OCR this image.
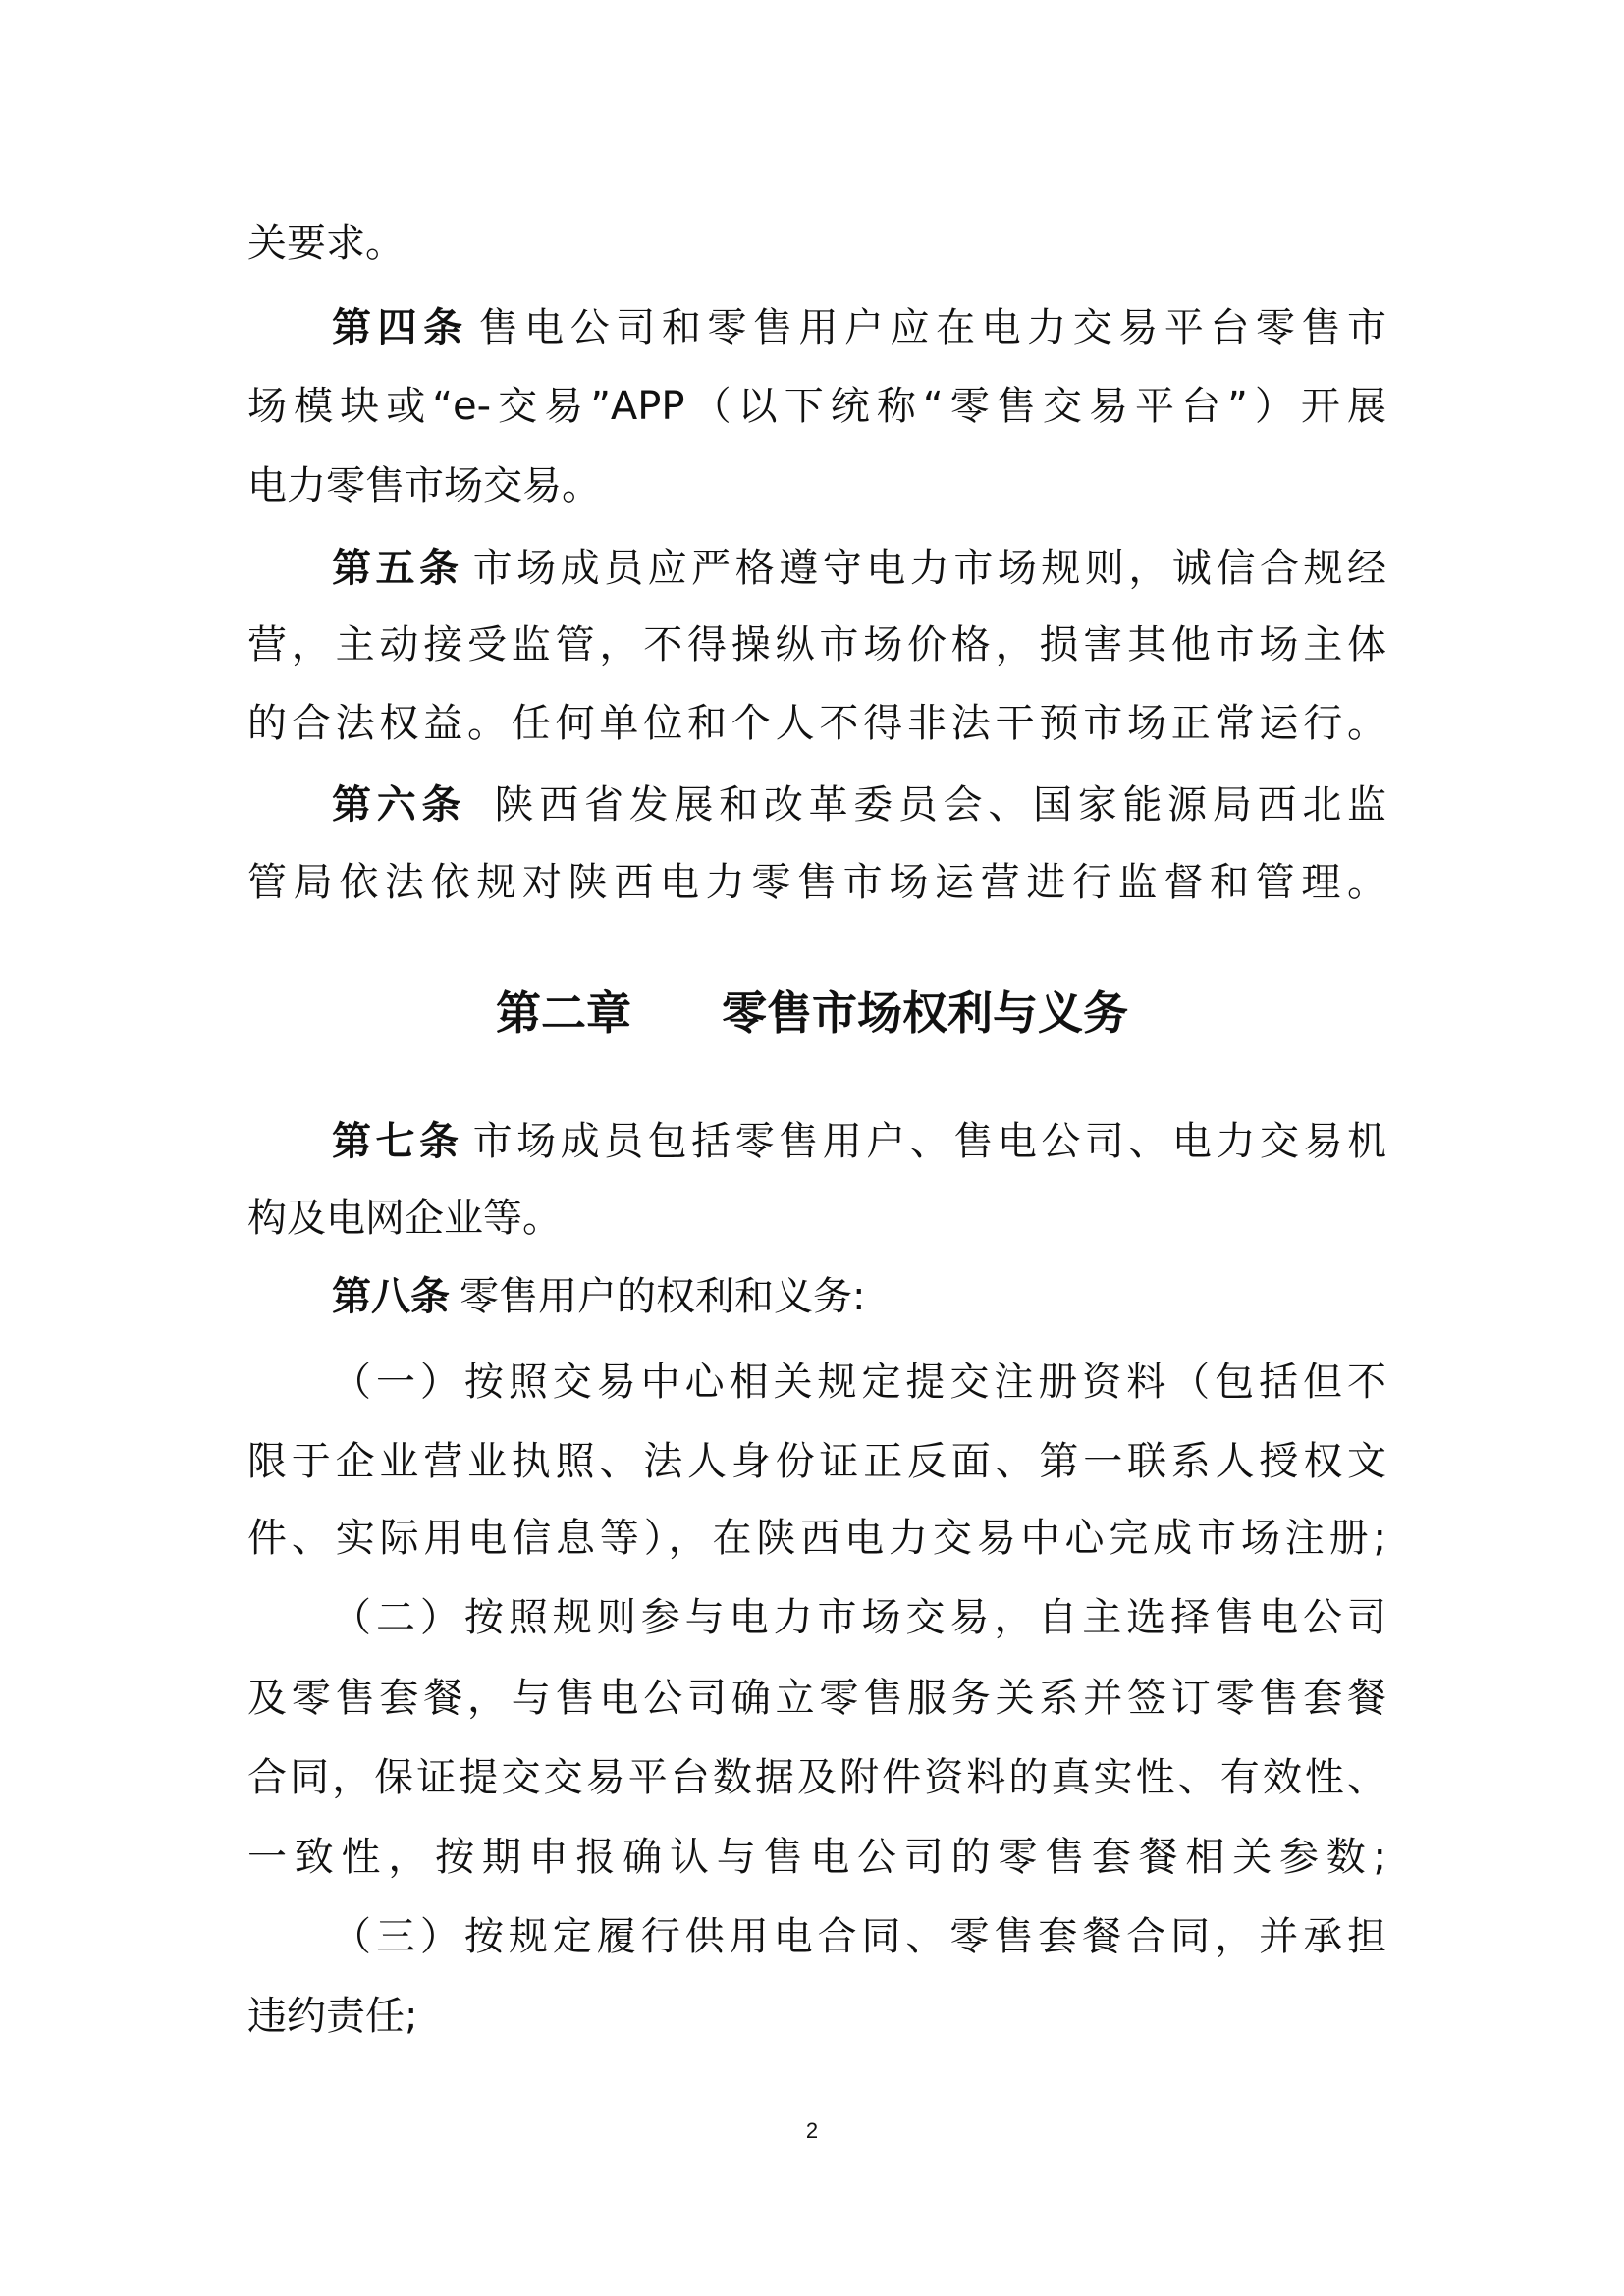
关要求。
第四条 售电公司和零售用户应在电力交易平台零售市
场模块或“e-交易”APP（以下统称“零售交易平台”）开展
电力零售市场交易。
第五条 市场成员应严格遵守电力市场规则，诚信合规经
营，主动接受监管，不得操纵市场价格，损害其他市场主体
的合法权益。任何单位和个人不得非法干预市场正常运行。
第六条 陕西省发展和改革委员会、国家能源局西北监
管局依法依规对陕西电力零售市场运营进行监督和管理。
第二章　　零售市场权利与义务
第七条 市场成员包括零售用户、售电公司、电力交易机
构及电网企业等。
第八条 零售用户的权利和义务:
（一）按照交易中心相关规定提交注册资料（包括但不
限于企业营业执照、法人身份证正反面、第一联系人授权文
件、实际用电信息等），在陕西电力交易中心完成市场注册;
（二）按照规则参与电力市场交易，自主选择售电公司
及零售套餐，与售电公司确立零售服务关系并签订零售套餐
合同，保证提交交易平台数据及附件资料的真实性、有效性、
一致性，按期申报确认与售电公司的零售套餐相关参数;
（三）按规定履行供用电合同、零售套餐合同，并承担
违约责任;
2
